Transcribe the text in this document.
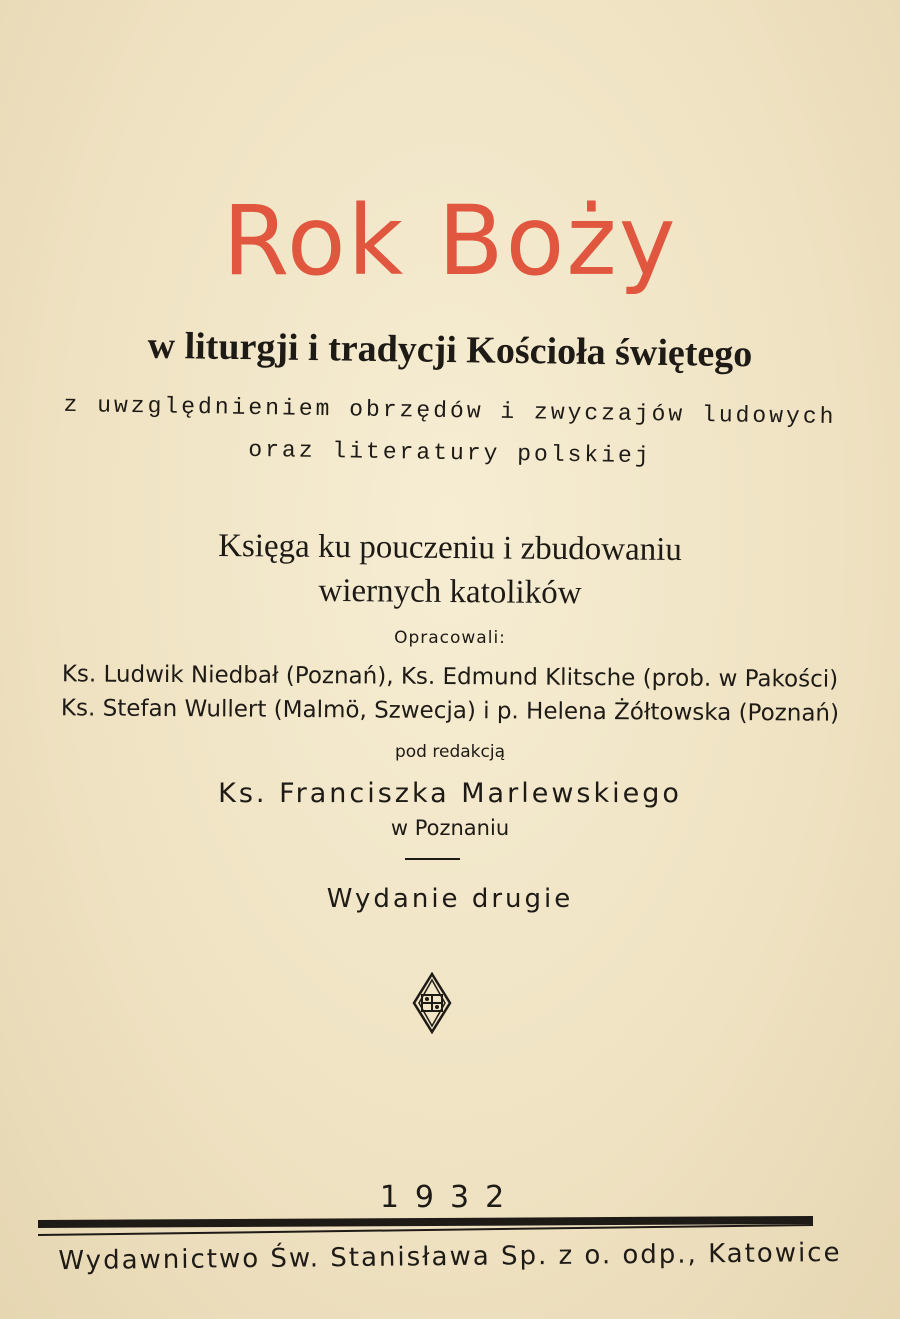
Rok Boży
w liturgji i tradycji Kościoła świętego
z uwzględnieniem obrzędów i zwyczajów ludowych
oraz literatury polskiej
Księga ku pouczeniu i zbudowaniu
wiernych katolików
Opracowali:
Ks. Ludwik Niedbał (Poznań), Ks. Edmund Klitsche (prob. w Pakości)
Ks. Stefan Wullert (Malmö, Szwecja) i p. Helena Żółtowska (Poznań)
pod redakcją
Ks. Franciszka Marlewskiego
w Poznaniu
Wydanie drugie
1932
Wydawnictwo Św. Stanisława Sp. z o. odp., Katowice
